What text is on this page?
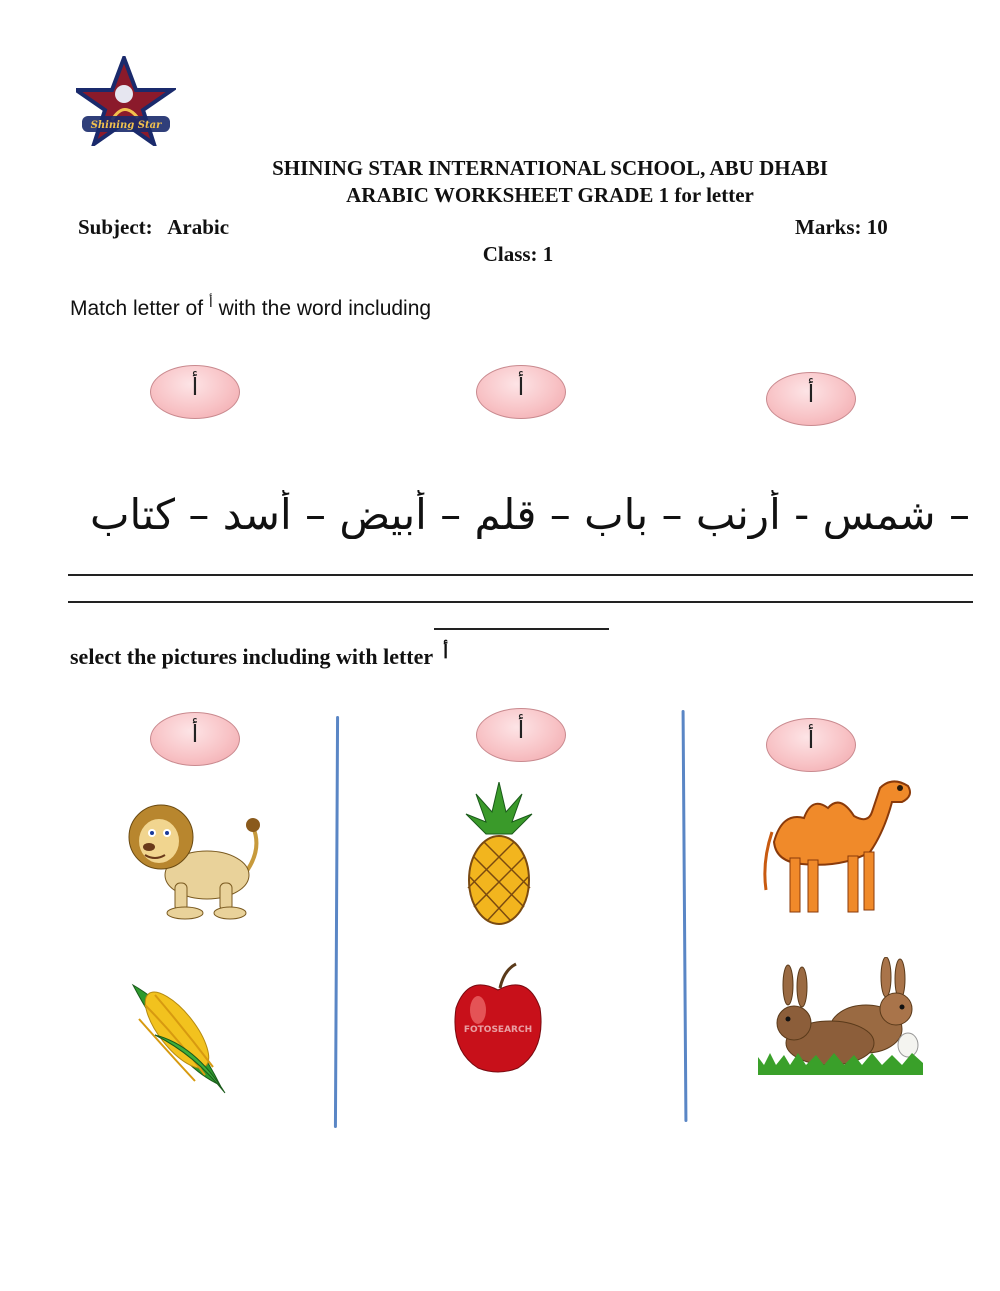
Shining Star
SHINING STAR INTERNATIONAL SCHOOL, ABU DHABI
ARABIC WORKSHEET GRADE 1 for letter
Subject:   Arabic	Marks: 10
Class: 1
Match letter of $^أ$ with the word including
أ	أ	أ
شمس - أرنب – باب – قلم – أبيض – أسد – كتاب –
select the pictures including with letter $^أ$
أ	أ	أ
FOTOSEARCH
